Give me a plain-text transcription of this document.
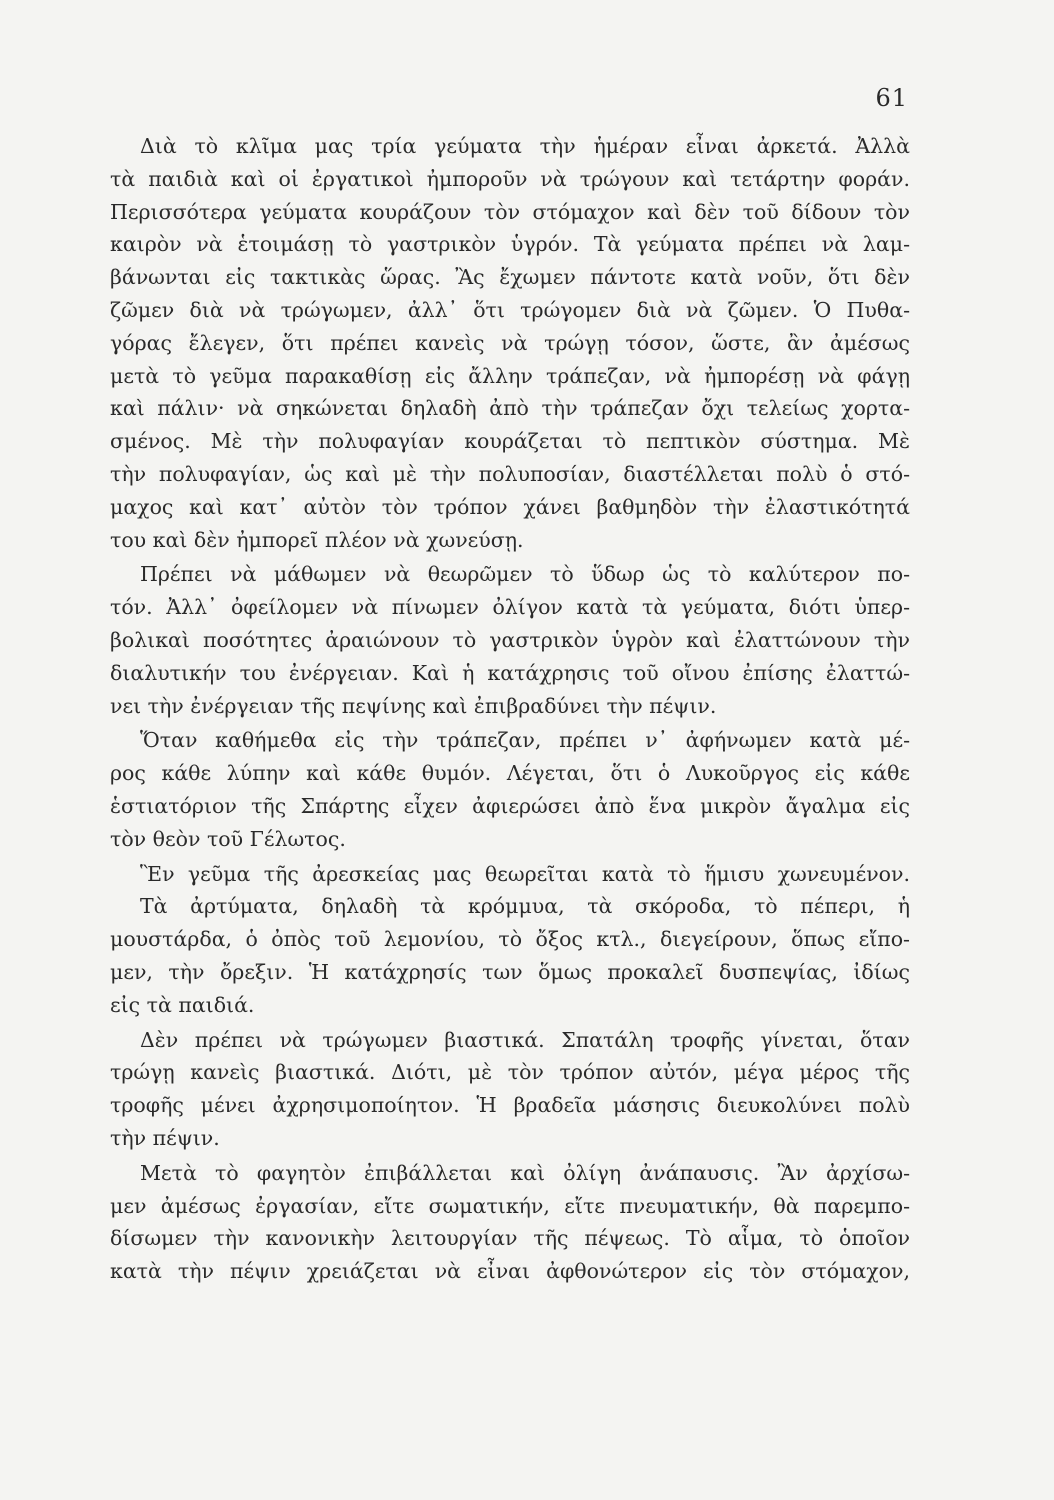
61
Διὰ τὸ κλῖμα μας τρία γεύματα τὴν ἡμέραν εἶναι ἀρκετά. Ἀλλὰ
τὰ παιδιὰ καὶ οἱ ἐργατικοὶ ἠμποροῦν νὰ τρώγουν καὶ τετάρτην φοράν.
Περισσότερα γεύματα κουράζουν τὸν στόμαχον καὶ δὲν τοῦ δίδουν τὸν
καιρὸν νὰ ἑτοιμάσῃ τὸ γαστρικὸν ὑγρόν. Τὰ γεύματα πρέπει νὰ λαμ-
βάνωνται εἰς τακτικὰς ὥρας. Ἂς ἔχωμεν πάντοτε κατὰ νοῦν, ὅτι δὲν
ζῶμεν διὰ νὰ τρώγωμεν, ἀλλ᾽ ὅτι τρώγομεν διὰ νὰ ζῶμεν. Ὁ Πυθα-
γόρας ἔλεγεν, ὅτι πρέπει κανεὶς νὰ τρώγῃ τόσον, ὥστε, ἂν ἀμέσως
μετὰ τὸ γεῦμα παρακαθίσῃ εἰς ἄλλην τράπεζαν, νὰ ἠμπορέσῃ νὰ φάγῃ
καὶ πάλιν· νὰ σηκώνεται δηλαδὴ ἀπὸ τὴν τράπεζαν ὄχι τελείως χορτα-
σμένος. Μὲ τὴν πολυφαγίαν κουράζεται τὸ πεπτικὸν σύστημα. Μὲ
τὴν πολυφαγίαν, ὡς καὶ μὲ τὴν πολυποσίαν, διαστέλλεται πολὺ ὁ στό-
μαχος καὶ κατ᾽ αὐτὸν τὸν τρόπον χάνει βαθμηδὸν τὴν ἐλαστικότητά
του καὶ δὲν ἠμπορεῖ πλέον νὰ χωνεύσῃ.
Πρέπει νὰ μάθωμεν νὰ θεωρῶμεν τὸ ὕδωρ ὡς τὸ καλύτερον πο-
τόν. Ἀλλ᾽ ὀφείλομεν νὰ πίνωμεν ὀλίγον κατὰ τὰ γεύματα, διότι ὑπερ-
βολικαὶ ποσότητες ἀραιώνουν τὸ γαστρικὸν ὑγρὸν καὶ ἐλαττώνουν τὴν
διαλυτικήν του ἐνέργειαν. Καὶ ἡ κατάχρησις τοῦ οἴνου ἐπίσης ἐλαττώ-
νει τὴν ἐνέργειαν τῆς πεψίνης καὶ ἐπιβραδύνει τὴν πέψιν.
Ὅταν καθήμεθα εἰς τὴν τράπεζαν, πρέπει ν᾽ ἀφήνωμεν κατὰ μέ-
ρος κάθε λύπην καὶ κάθε θυμόν. Λέγεται, ὅτι ὁ Λυκοῦργος εἰς κάθε
ἑστιατόριον τῆς Σπάρτης εἶχεν ἀφιερώσει ἀπὸ ἕνα μικρὸν ἄγαλμα εἰς
τὸν θεὸν τοῦ Γέλωτος.
Ἓν γεῦμα τῆς ἀρεσκείας μας θεωρεῖται κατὰ τὸ ἥμισυ χωνευμένον.
Τὰ ἀρτύματα, δηλαδὴ τὰ κρόμμυα, τὰ σκόροδα, τὸ πέπερι, ἡ
μουστάρδα, ὁ ὀπὸς τοῦ λεμονίου, τὸ ὄξος κτλ., διεγείρουν, ὅπως εἴπο-
μεν, τὴν ὄρεξιν. Ἡ κατάχρησίς των ὅμως προκαλεῖ δυσπεψίας, ἰδίως
εἰς τὰ παιδιά.
Δὲν πρέπει νὰ τρώγωμεν βιαστικά. Σπατάλη τροφῆς γίνεται, ὅταν
τρώγῃ κανεὶς βιαστικά. Διότι, μὲ τὸν τρόπον αὐτόν, μέγα μέρος τῆς
τροφῆς μένει ἀχρησιμοποίητον. Ἡ βραδεῖα μάσησις διευκολύνει πολὺ
τὴν πέψιν.
Μετὰ τὸ φαγητὸν ἐπιβάλλεται καὶ ὀλίγη ἀνάπαυσις. Ἂν ἀρχίσω-
μεν ἀμέσως ἐργασίαν, εἴτε σωματικήν, εἴτε πνευματικήν, θὰ παρεμπο-
δίσωμεν τὴν κανονικὴν λειτουργίαν τῆς πέψεως. Τὸ αἷμα, τὸ ὁποῖον
κατὰ τὴν πέψιν χρειάζεται νὰ εἶναι ἀφθονώτερον εἰς τὸν στόμαχον,
